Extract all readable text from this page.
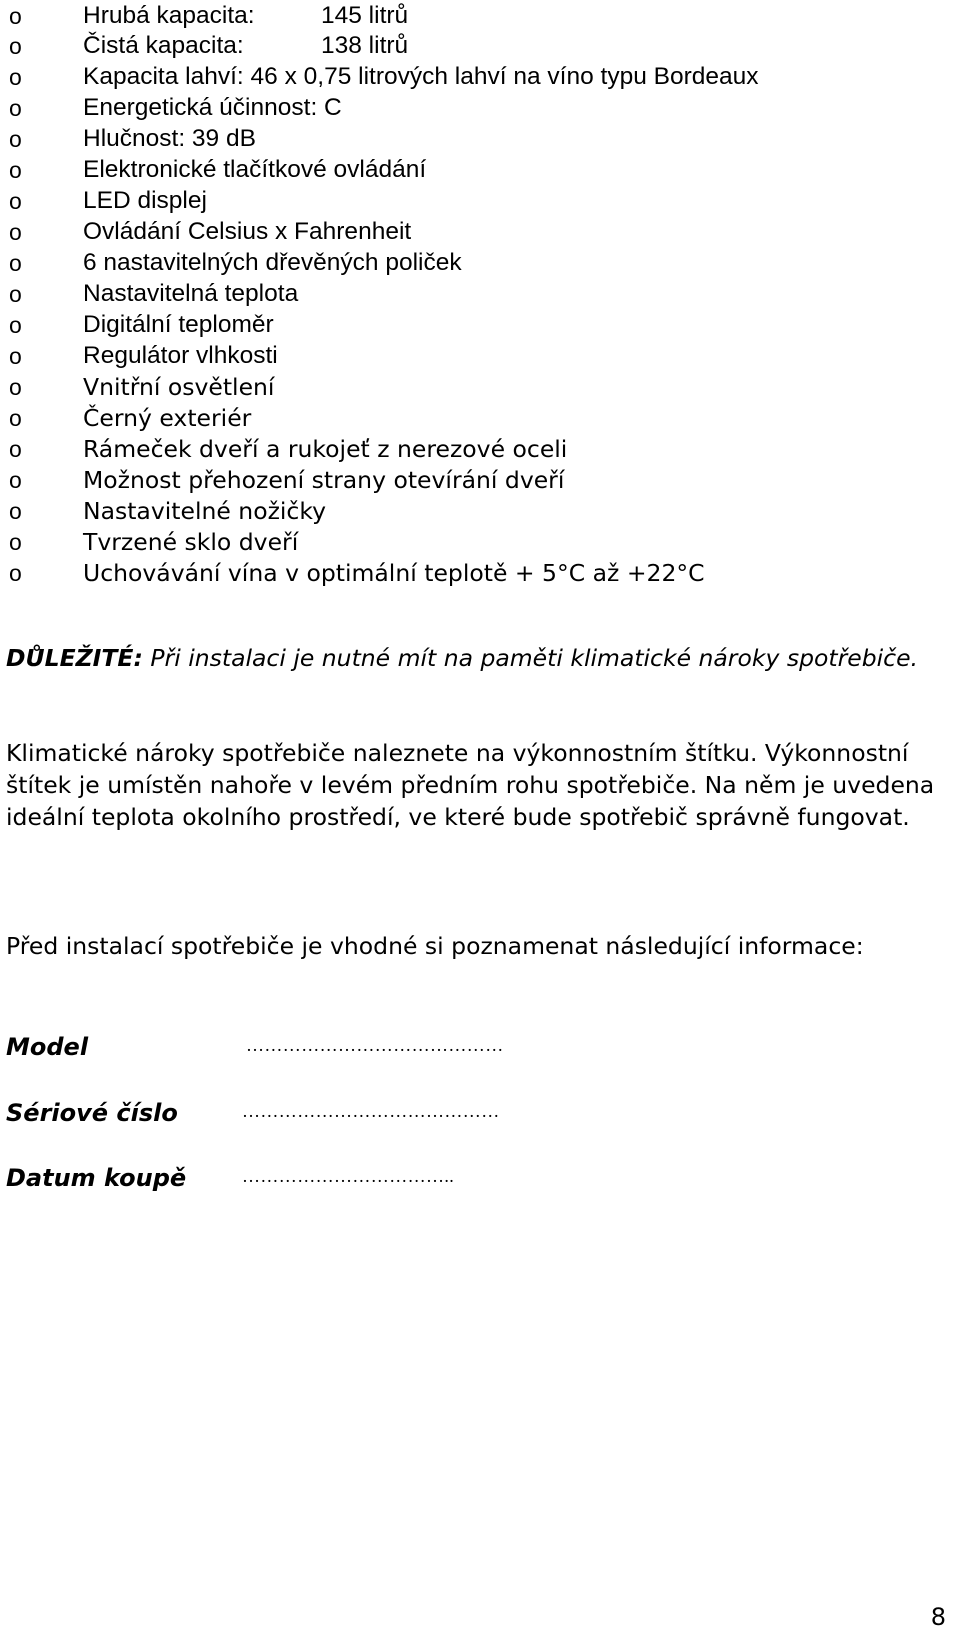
o Hrubá kapacita:	145 litrů
o Čistá kapacita:	138 litrů
o Kapacita lahví: 46 x 0,75 litrových lahví na víno typu Bordeaux
o Energetická účinnost: C
o Hlučnost: 39 dB
o Elektronické tlačítkové ovládání
o LED displej
o Ovládání Celsius x Fahrenheit
o 6 nastavitelných dřevěných poliček
o Nastavitelná teplota
o Digitální teploměr
o Regulátor vlhkosti
o	Vnitřní osvětlení
o	Černý exteriér
o	Rámeček dveří a rukojeť z nerezové oceli
o	Možnost přehození strany otevírání dveří
o	Nastavitelné nožičky
o	Tvrzené sklo dveří
o	Uchovávání vína v optimální teplotě + 5°C až +22°C
DŮLEŽITÉ: Při instalaci je nutné mít na paměti klimatické nároky spotřebiče.
Klimatické nároky spotřebiče naleznete na výkonnostním štítku. Výkonnostní štítek je umístěn nahoře v levém předním rohu spotřebiče. Na něm je uvedena ideální teplota okolního prostředí, ve které bude spotřebič správně fungovat.
Před instalací spotřebiče je vhodné si poznamenat následující informace:
Model	……………………………………
Sériové číslo	……………………………………
Datum koupě	……………………………..
8
